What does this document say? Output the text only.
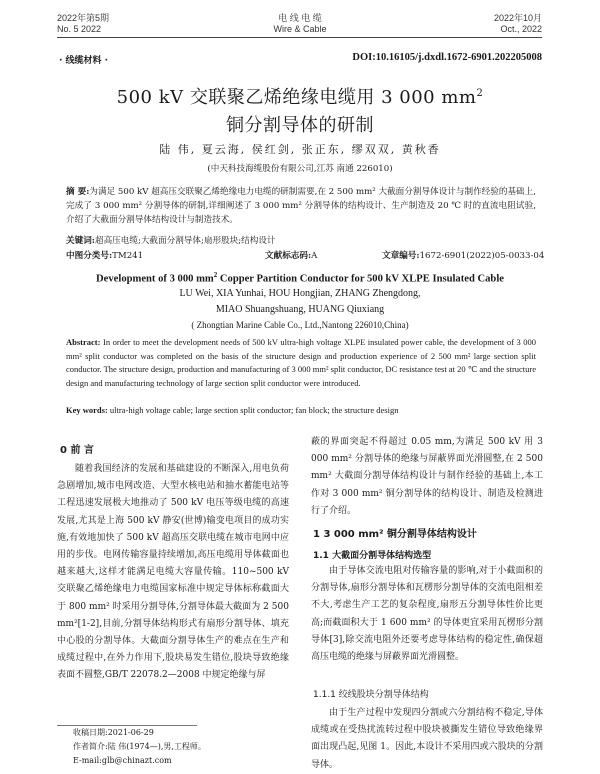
2022年第5期
No. 5 2022
电 线 电 缆
Wire & Cable
2022年10月
Oct., 2022
· 线缆材料 ·	DOI:10.16105/j.dxdl.1672-6901.202205008
500 kV 交联聚乙烯绝缘电缆用 3 000 $mm^2$
铜分割导体的研制
陆 伟, 夏云海, 侯红剑, 张正东, 缪双双, 黄秋香
(中天科技海缆股份有限公司,江苏 南通 226010)
摘 要:为满足 500 kV 超高压交联聚乙烯绝缘电力电缆的研制需要,在 2 500 mm² 大截面分割导体设计与制作经验的基础上,完成了 3 000 mm² 分割导体的研制,详细阐述了 3 000 mm² 分割导体的结构设计、生产制造及 20 ℃ 时的直流电阻试验,介绍了大截面分割导体结构设计与制造技术。
关键词:超高压电缆;大截面分割导体;扇形股块;结构设计
中图分类号:TM241	文献标志码:A	文章编号:1672-6901(2022)05-0033-04
Development of 3 000 $mm^2$ Copper Partition Conductor for 500 kV XLPE Insulated Cable
LU Wei, XIA Yunhai, HOU Hongjian, ZHANG Zhengdong,
MIAO Shuangshuang, HUANG Qiuxiang
( Zhongtian Marine Cable Co., Ltd.,Nantong 226010,China)
Abstract: In order to meet the development needs of 500 kV ultra-high voltage XLPE insulated power cable, the development of 3 000 mm² split conductor was completed on the basis of the structure design and production experience of 2 500 mm² large section split conductor. The structure design, production and manufacturing of 3 000 mm² split conductor, DC resistance test at 20 ℃ and the structure design and manufacturing technology of large section split conductor were introduced.
Key words: ultra-high voltage cable; large section split conductor; fan block; the structure design
0 前 言
随着我国经济的发展和基础建设的不断深入,用电负荷急剧增加,城市电网改造、大型水核电站和抽水蓄能电站等工程迅速发展极大地推动了 500 kV 电压等级电缆的高速发展,尤其是上海 500 kV 静安(世博)输变电项目的成功实施,有效地加快了 500 kV 超高压交联电缆在城市电网中应用的步伐。电网传输容量持续增加,高压电缆用导体截面也越来越大,这样才能满足电缆大容量传输。110~500 kV 交联聚乙烯绝缘电力电缆国家标准中规定导体标称截面大于 800 mm² 时采用分割导体,分割导体最大截面为 2 500 mm²[1-2],目前,分割导体结构形式有扇形分割导体、填充中心股的分割导体。大截面分割导体生产的难点在生产和成缆过程中,在外力作用下,股块易发生错位,股块导致绝缘表面不圆整,GB/T 22078.2—2008 中规定绝缘与屏
收稿日期:2021-06-29
作者简介:陆 伟(1974—),男,工程师。
E-mail:glb@chinazt.com
蔽的界面突起不得超过 0.05 mm,为满足 500 kV 用 3 000 mm² 分割导体的绝缘与屏蔽界面光滑圆整,在 2 500 mm² 大截面分割导体结构设计与制作经验的基础上,本工作对 3 000 mm² 铜分割导体的结构设计、制造及检测进行了介绍。
1 3 000 mm² 铜分割导体结构设计
1.1 大截面分割导体结构选型
由于导体交流电阻对传输容量的影响,对于小截面积的分割导体,扇形分割导体和瓦楞形分割导体的交流电阻相差不大,考虑生产工艺的复杂程度,扇形五分割导体性价比更高;而截面积大于 1 600 mm² 的导体更宜采用瓦楞形分割导体[3],除交流电阻外还要考虑导体结构的稳定性,确保超高压电缆的绝缘与屏蔽界面光滑圆整。
1.1.1 绞线股块分割导体结构
由于生产过程中发现四分割或六分割结构不稳定,导体成缆或在受热扰流转过程中股块被撕发生错位导致绝缘界面出现凸起,见图 1。因此,本设计不采用四或六股块的分割导体。
